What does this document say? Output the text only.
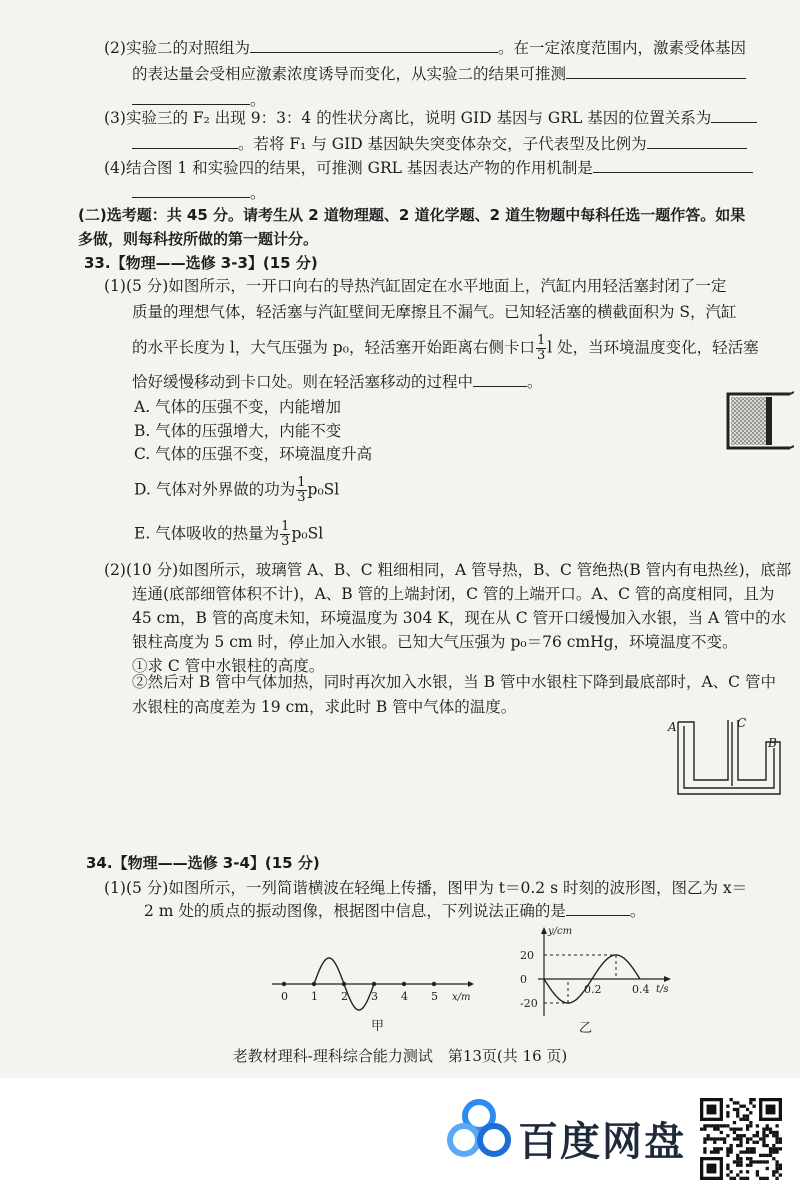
(2)实验二的对照组为	。在一定浓度范围内，激素受体基因
的表达量会受相应激素浓度诱导而变化，从实验二的结果可推测
。
(3)实验三的 F₂ 出现 9：3：4 的性状分离比，说明 GID 基因与 GRL 基因的位置关系为
。若将 F₁ 与 GID 基因缺失突变体杂交，子代表型及比例为
(4)结合图 1 和实验四的结果，可推测 GRL 基因表达产物的作用机制是
。
(二)选考题：共 45 分。请考生从 2 道物理题、2 道化学题、2 道生物题中每科任选一题作答。如果
多做，则每科按所做的第一题计分。
33.【物理——选修 3-3】(15 分)
(1)(5 分)如图所示，一开口向右的导热汽缸固定在水平地面上，汽缸内用轻活塞封闭了一定
质量的理想气体，轻活塞与汽缸壁间无摩擦且不漏气。已知轻活塞的横截面积为 S，汽缸
的水平长度为 l，大气压强为 p₀，轻活塞开始距离右侧卡口 $\frac{1}{3}$ l 处，当环境温度变化，轻活塞
恰好缓慢移动到卡口处。则在轻活塞移动的过程中	。
A. 气体的压强不变，内能增加
B. 气体的压强增大，内能不变
C. 气体的压强不变，环境温度升高
D. 气体对外界做的功为 $\frac{1}{3} p_0Sl$
E. 气体吸收的热量为 $\frac{1}{3} p_0Sl$
(2)(10 分)如图所示，玻璃管 A、B、C 粗细相同，A 管导热，B、C 管绝热(B 管内有电热丝)，底部
连通(底部细管体积不计)，A、B 管的上端封闭，C 管的上端开口。A、C 管的高度相同，且为
45 cm，B 管的高度未知，环境温度为 304 K，现在从 C 管开口缓慢加入水银，当 A 管中的水
银柱高度为 5 cm 时，停止加入水银。已知大气压强为 p₀＝76 cmHg，环境温度不变。
①求 C 管中水银柱的高度。
②然后对 B 管中气体加热，同时再次加入水银，当 B 管中水银柱下降到最底部时，A、C 管中
水银柱的高度差为 19 cm，求此时 B 管中气体的温度。
A	C
B
34.【物理——选修 3-4】(15 分)
(1)(5 分)如图所示，一列简谐横波在轻绳上传播，图甲为 t＝0.2 s 时刻的波形图，图乙为 x＝
2 m 处的质点的振动图像，根据图中信息，下列说法正确的是	。
0 1 2 3 4 5 x/m
甲
y/cm
t/s
20
0
-20
0.2	0.4
乙
老教材理科-理科综合能力测试　第13页(共 16 页)
百度网盘
